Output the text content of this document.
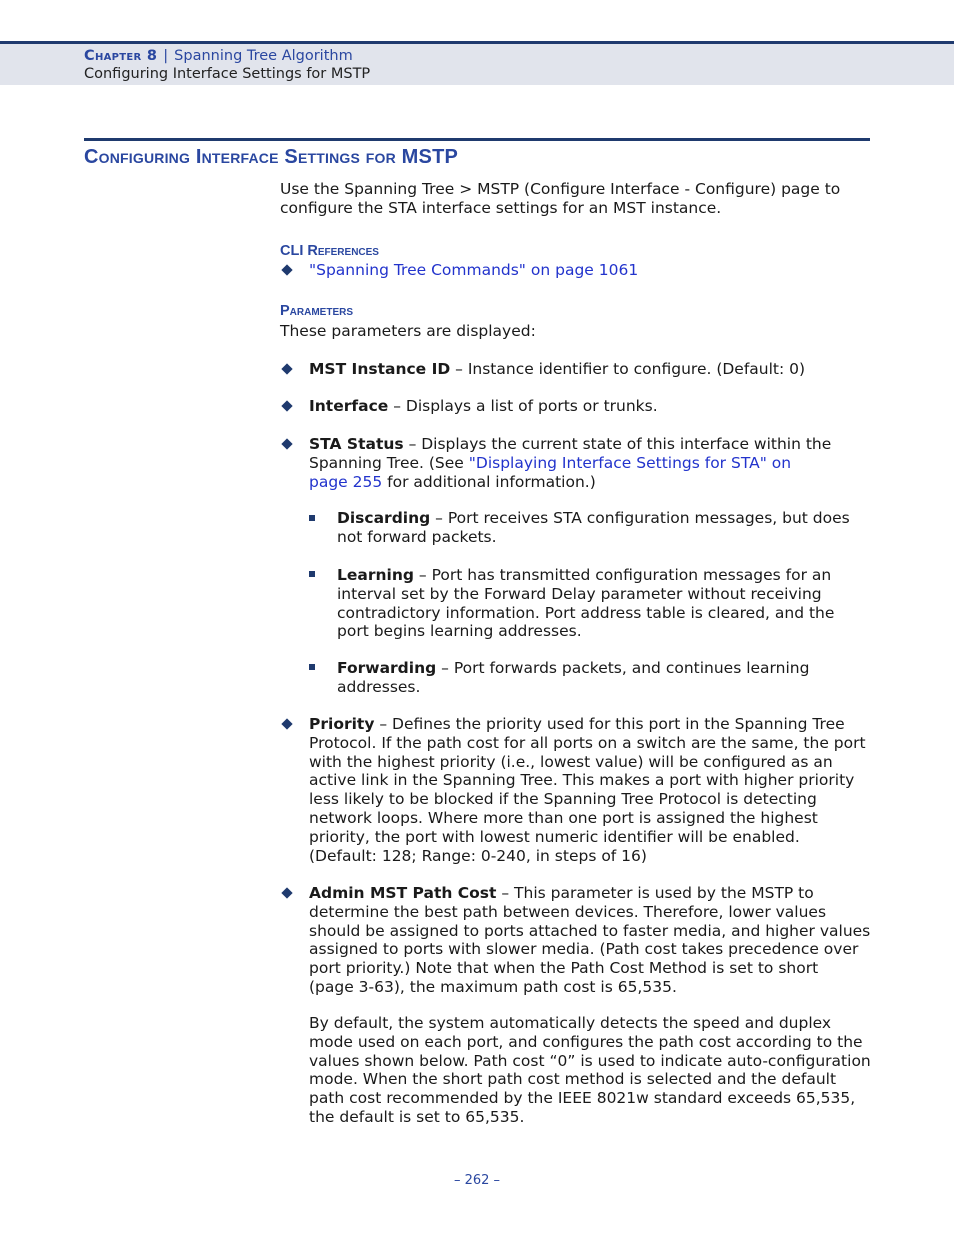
Chapter 8 | Spanning Tree Algorithm
Configuring Interface Settings for MSTP
Configuring Interface Settings for MSTP
Use the Spanning Tree > MSTP (Configure Interface - Configure) page to
configure the STA interface settings for an MST instance.
CLI References
"Spanning Tree Commands" on page 1061
Parameters
These parameters are displayed:
MST Instance ID – Instance identifier to configure. (Default: 0)
Interface – Displays a list of ports or trunks.
STA Status – Displays the current state of this interface within the
Spanning Tree. (See "Displaying Interface Settings for STA" on
page 255 for additional information.)
Discarding – Port receives STA configuration messages, but does
not forward packets.
Learning – Port has transmitted configuration messages for an
interval set by the Forward Delay parameter without receiving
contradictory information. Port address table is cleared, and the
port begins learning addresses.
Forwarding – Port forwards packets, and continues learning
addresses.
Priority – Defines the priority used for this port in the Spanning Tree
Protocol. If the path cost for all ports on a switch are the same, the port
with the highest priority (i.e., lowest value) will be configured as an
active link in the Spanning Tree. This makes a port with higher priority
less likely to be blocked if the Spanning Tree Protocol is detecting
network loops. Where more than one port is assigned the highest
priority, the port with lowest numeric identifier will be enabled.
(Default: 128; Range: 0-240, in steps of 16)
Admin MST Path Cost – This parameter is used by the MSTP to
determine the best path between devices. Therefore, lower values
should be assigned to ports attached to faster media, and higher values
assigned to ports with slower media. (Path cost takes precedence over
port priority.) Note that when the Path Cost Method is set to short
(page 3-63), the maximum path cost is 65,535.
By default, the system automatically detects the speed and duplex
mode used on each port, and configures the path cost according to the
values shown below. Path cost “0” is used to indicate auto-configuration
mode. When the short path cost method is selected and the default
path cost recommended by the IEEE 8021w standard exceeds 65,535,
the default is set to 65,535.
– 262 –
